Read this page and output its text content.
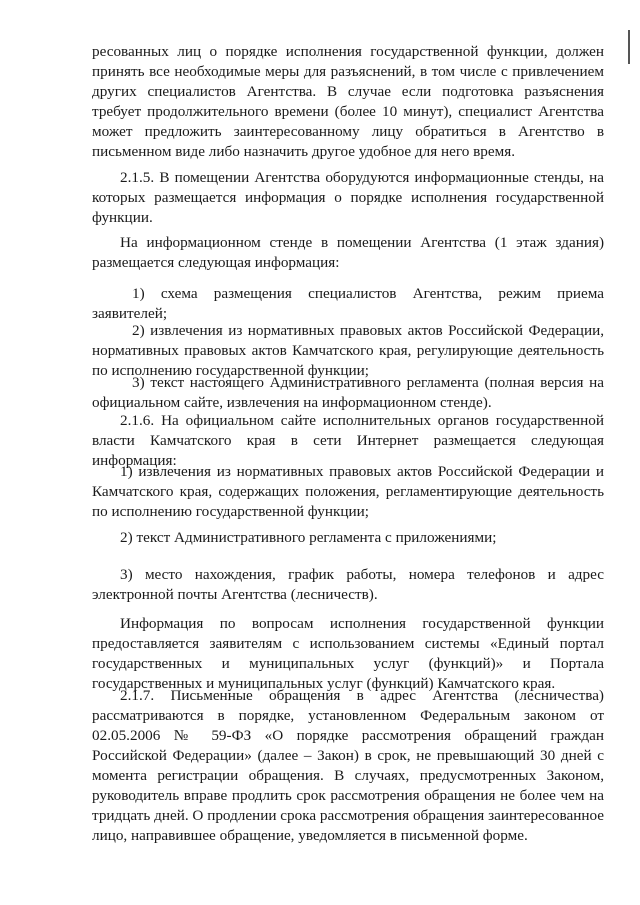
ресованных лиц о порядке исполнения государственной функции, должен принять все необходимые меры для разъяснений, в том числе с привлечением других специалистов Агентства. В случае если подготовка разъяснения требует продолжительного времени (более 10 минут), специалист Агентства может предложить заинтересованному лицу обратиться в Агентство в письменном виде либо назначить другое удобное для него время.

2.1.5. В помещении Агентства оборудуются информационные стенды, на которых размещается информация о порядке исполнения государственной функции.

На информационном стенде в помещении Агентства (1 этаж здания) размещается следующая информация:

1) схема размещения специалистов Агентства, режим приема заявителей;

2) извлечения из нормативных правовых актов Российской Федерации, нормативных правовых актов Камчатского края, регулирующие деятельность по исполнению государственной функции;

3) текст настоящего Административного регламента (полная версия на официальном сайте, извлечения на информационном стенде).

2.1.6. На официальном сайте исполнительных органов государственной власти Камчатского края в сети Интернет размещается следующая информация:

1) извлечения из нормативных правовых актов Российской Федерации и Камчатского края, содержащих положения, регламентирующие деятельность по исполнению государственной функции;

2) текст Административного регламента с приложениями;

3) место нахождения, график работы, номера телефонов и адрес электронной почты Агентства (лесничеств).

Информация по вопросам исполнения государственной функции предоставляется заявителям с использованием системы «Единый портал государственных и муниципальных услуг (функций)» и Портала государственных и муниципальных услуг (функций) Камчатского края.

2.1.7. Письменные обращения в адрес Агентства (лесничества) рассматриваются в порядке, установленном Федеральным законом от 02.05.2006 № 59-ФЗ «О порядке рассмотрения обращений граждан Российской Федерации» (далее – Закон) в срок, не превышающий 30 дней с момента регистрации обращения. В случаях, предусмотренных Законом, руководитель вправе продлить срок рассмотрения обращения не более чем на тридцать дней. О продлении срока рассмотрения обращения заинтересованное лицо, направившее обращение, уведомляется в письменной форме.
